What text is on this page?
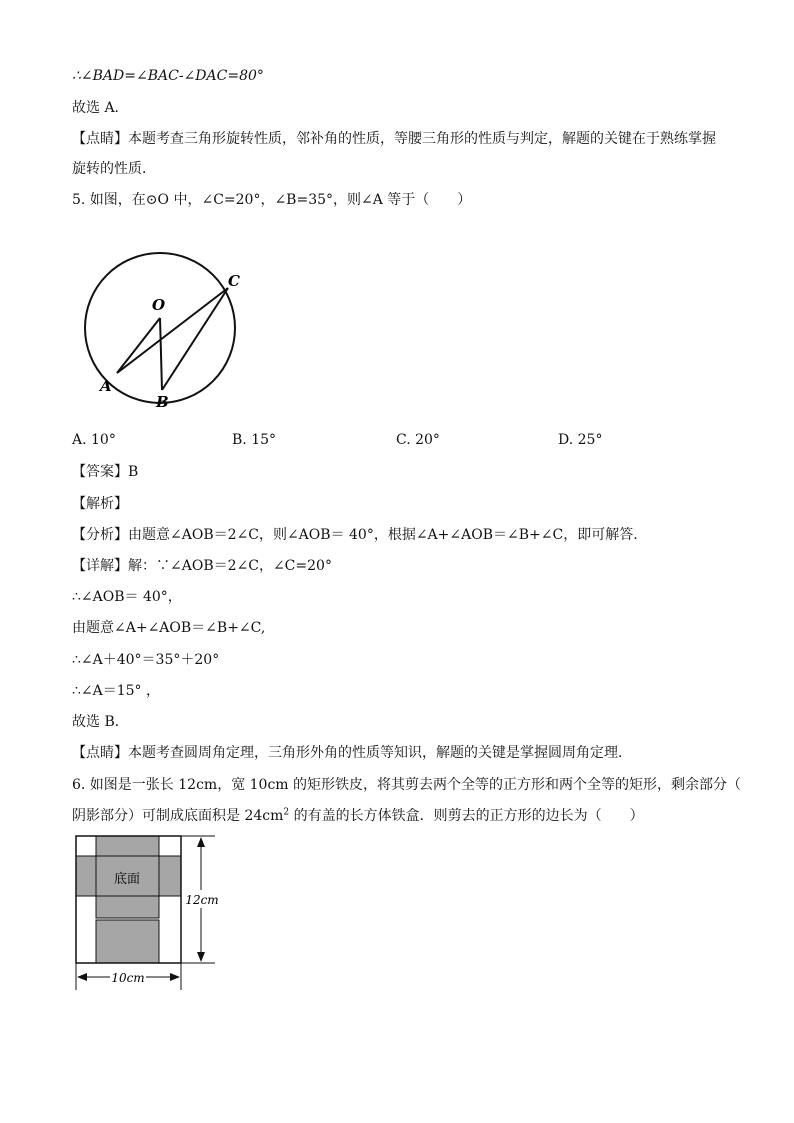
∴∠BAD=∠BAC-∠DAC=80°
故选 A．
【点睛】本题考查三角形旋转性质，邻补角的性质，等腰三角形的性质与判定，解题的关键在于熟练掌握
旋转的性质．
5. 如图，在⊙O 中，∠C=20°，∠B=35°，则∠A 等于（　　）
O
A
B
C
A. 10°	B. 15°	C. 20°	D. 25°
【答案】B
【解析】
【分析】由题意∠AOB＝2∠C，则∠AOB＝ 40°，根据∠A+∠AOB＝∠B+∠C，即可解答.
【详解】解：∵∠AOB＝2∠C，∠C=20°
∴∠AOB＝ 40°，
由题意∠A+∠AOB＝∠B+∠C,
∴∠A＋40°＝35°＋20°
∴∠A＝15° ，
故选 B．
【点睛】本题考查圆周角定理，三角形外角的性质等知识，解题的关键是掌握圆周角定理．
6. 如图是一张长 12cm，宽 10cm 的矩形铁皮，将其剪去两个全等的正方形和两个全等的矩形，剩余部分（
阴影部分）可制成底面积是 $24cm^2$ 的有盖的长方体铁盒．则剪去的正方形的边长为（　　）
底面
12cm
10cm
